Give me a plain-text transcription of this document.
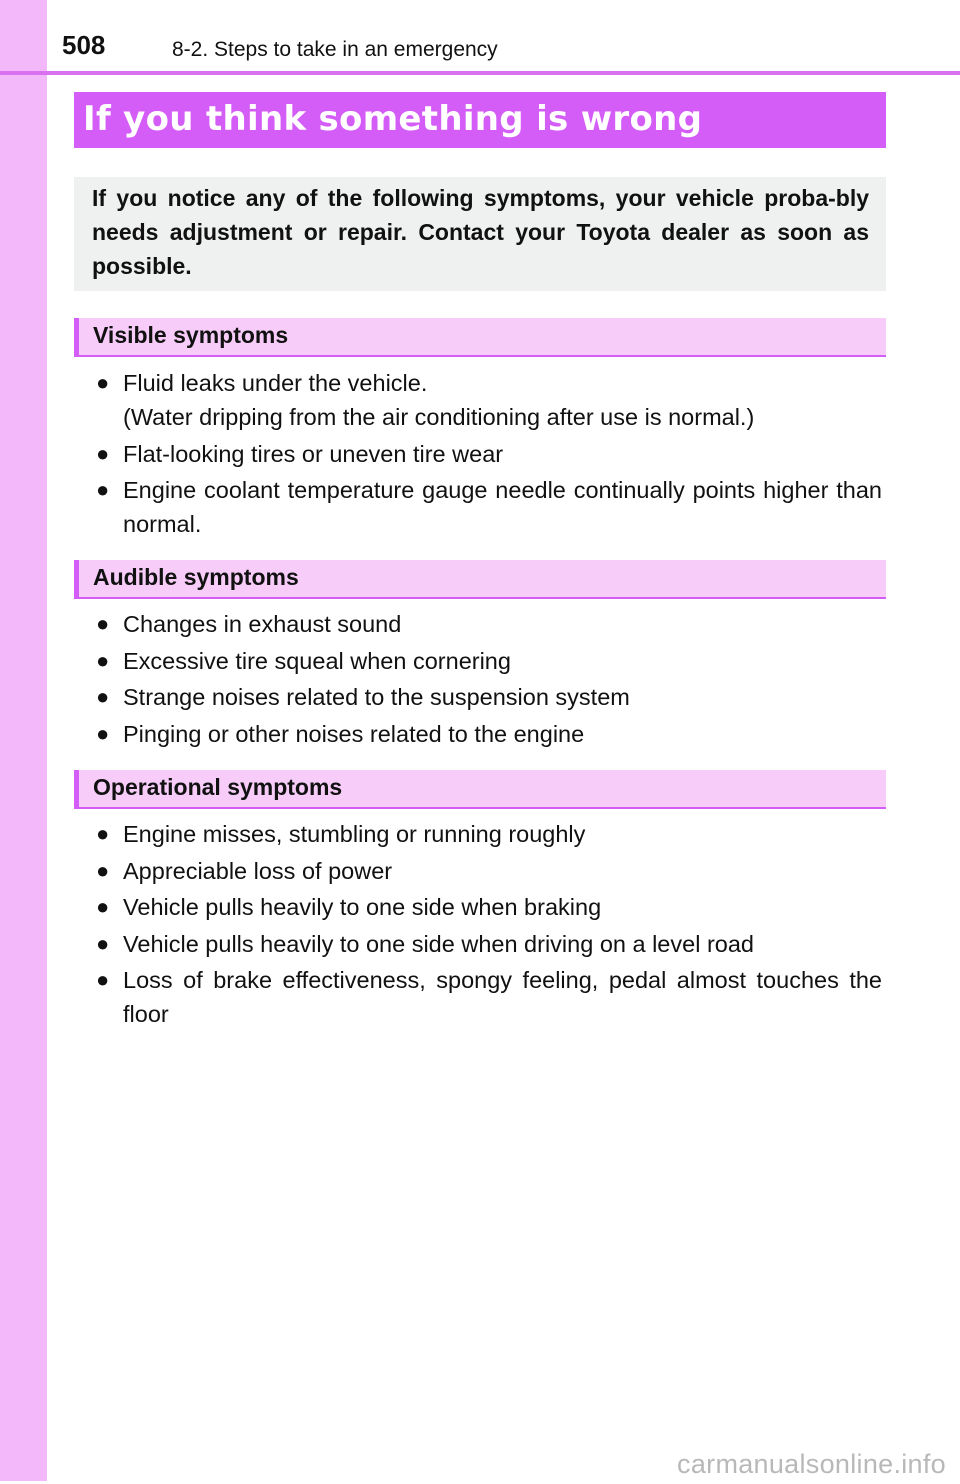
508	8-2. Steps to take in an emergency
If you think something is wrong
If you notice any of the following symptoms, your vehicle proba-bly needs adjustment or repair. Contact your Toyota dealer as soon as possible.
Visible symptoms
● Fluid leaks under the vehicle.
(Water dripping from the air conditioning after use is normal.)
● Flat-looking tires or uneven tire wear
● Engine coolant temperature gauge needle continually points higher than normal.
Audible symptoms
● Changes in exhaust sound
● Excessive tire squeal when cornering
● Strange noises related to the suspension system
● Pinging or other noises related to the engine
Operational symptoms
● Engine misses, stumbling or running roughly
● Appreciable loss of power
● Vehicle pulls heavily to one side when braking
● Vehicle pulls heavily to one side when driving on a level road
● Loss of brake effectiveness, spongy feeling, pedal almost touches the floor
carmanualsonline.info
